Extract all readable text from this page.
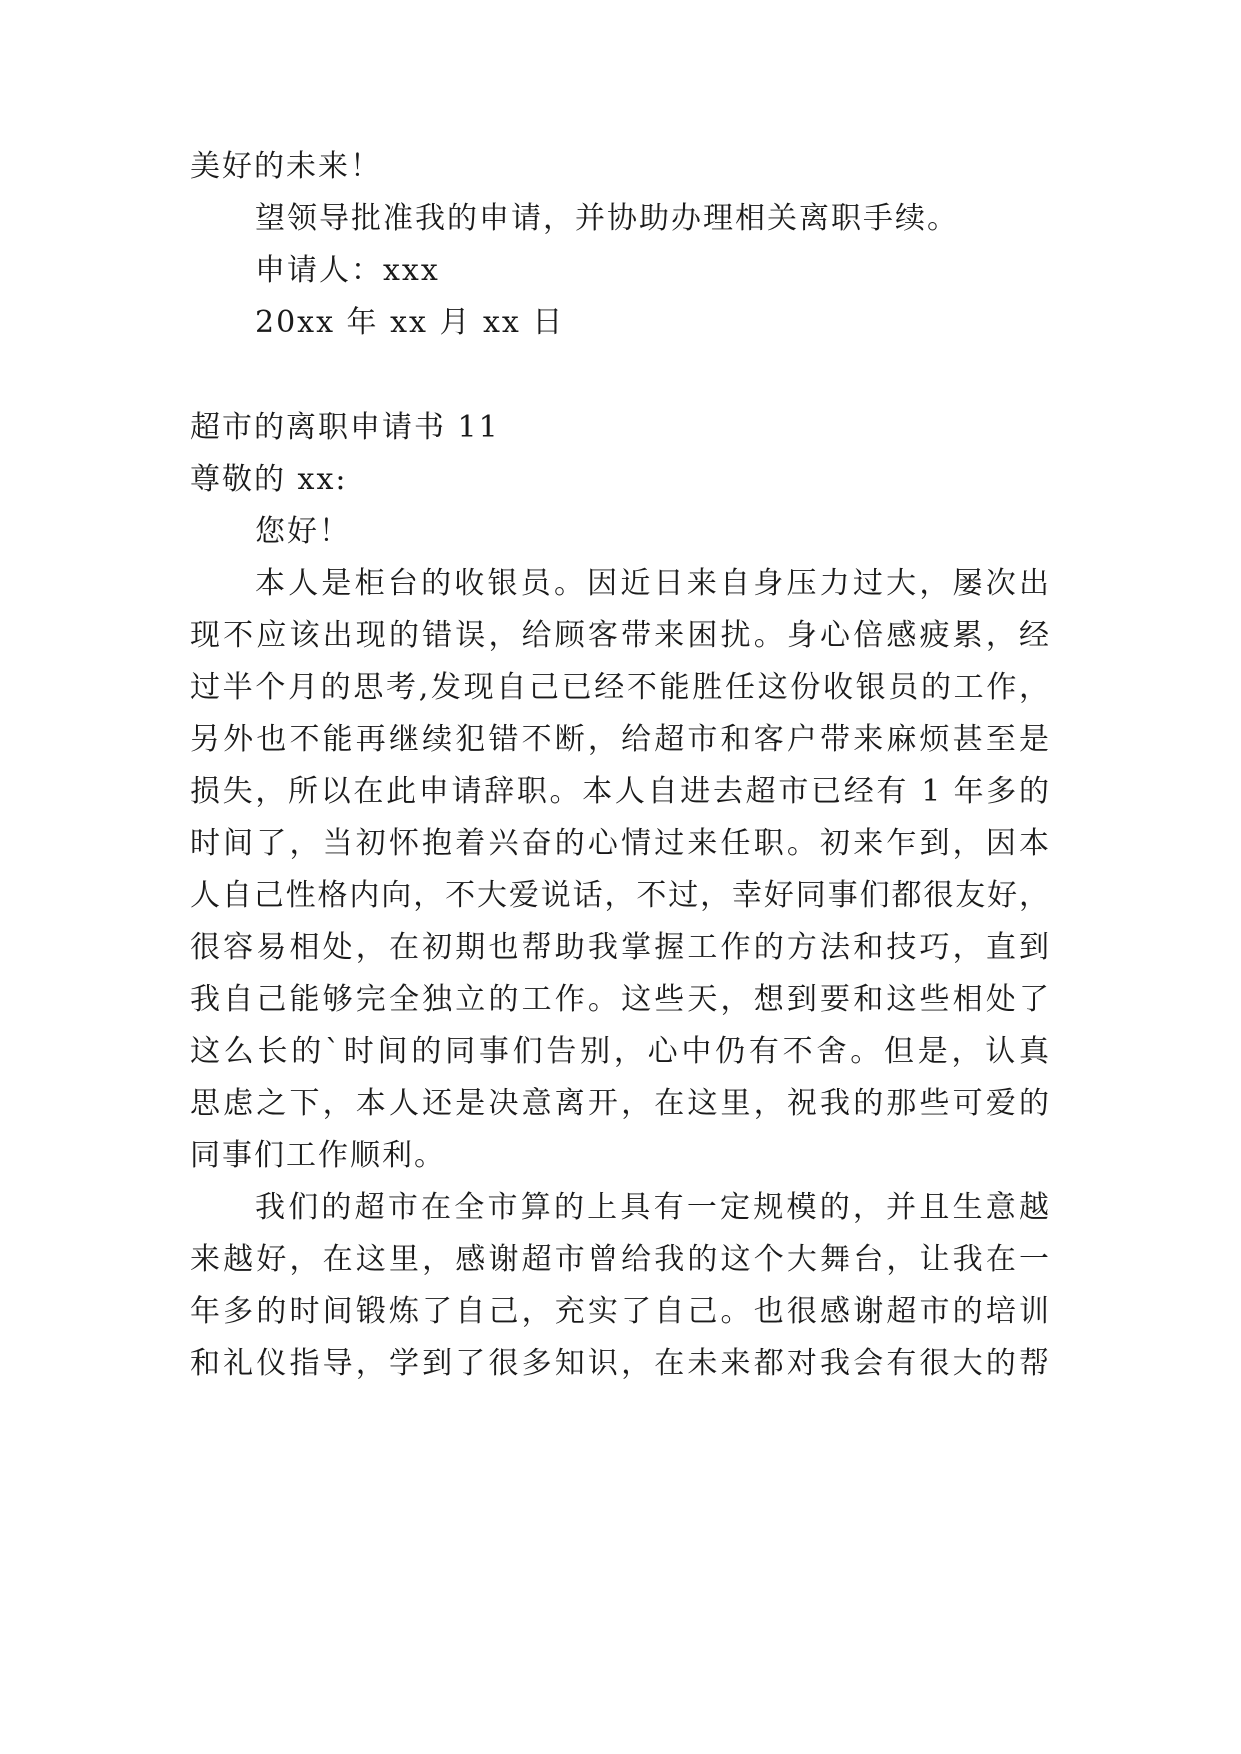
美好的未来！
望领导批准我的申请，并协助办理相关离职手续。
申请人：xxx
20xx 年 xx 月 xx 日
超市的离职申请书 11
尊敬的 xx:
您好！
本人是柜台的收银员。因近日来自身压力过大，屡次出
现不应该出现的错误，给顾客带来困扰。身心倍感疲累，经
过半个月的思考,发现自己已经不能胜任这份收银员的工作，
另外也不能再继续犯错不断，给超市和客户带来麻烦甚至是
损失，所以在此申请辞职。本人自进去超市已经有 1 年多的
时间了，当初怀抱着兴奋的心情过来任职。初来乍到，因本
人自己性格内向，不大爱说话，不过，幸好同事们都很友好，
很容易相处，在初期也帮助我掌握工作的方法和技巧，直到
我自己能够完全独立的工作。这些天，想到要和这些相处了
这么长的`时间的同事们告别，心中仍有不舍。但是，认真
思虑之下，本人还是决意离开，在这里，祝我的那些可爱的
同事们工作顺利。
我们的超市在全市算的上具有一定规模的，并且生意越
来越好，在这里，感谢超市曾给我的这个大舞台，让我在一
年多的时间锻炼了自己，充实了自己。也很感谢超市的培训
和礼仪指导，学到了很多知识，在未来都对我会有很大的帮
